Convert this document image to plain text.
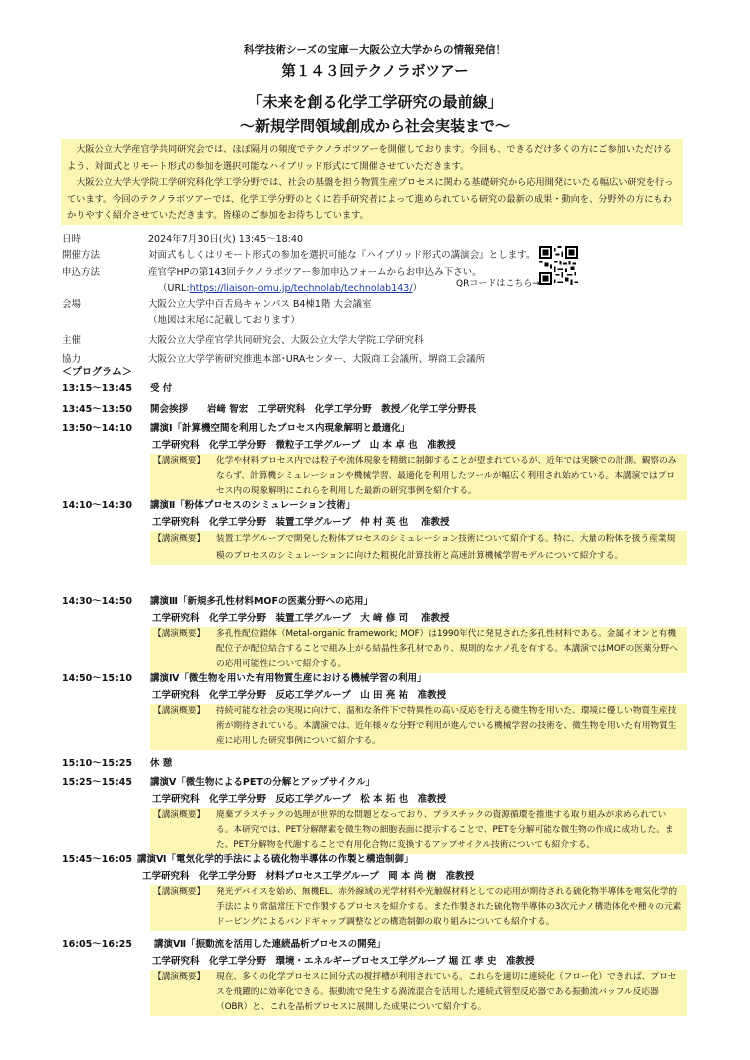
科学技術シーズの宝庫－大阪公立大学からの情報発信！
第１４３回テクノラボツアー
「未来を創る化学工学研究の最前線」
～新規学問領域創成から社会実装まで～

大阪公立大学産官学共同研究会では、ほぼ隔月の頻度でテクノラボツアーを開催しております。今回も、できるだけ多くの方にご参加いただけるよう、対面式とリモート形式の参加を選択可能なハイブリッド形式にて開催させていただきます。

大阪公立大学大学院工学研究科化学工学分野では、社会の基盤を担う物質生産プロセスに関わる基礎研究から応用開発にいたる幅広い研究を行っています。今回のテクノラボツアーでは、化学工学分野のとくに若手研究者によって進められている研究の最新の成果・動向を、分野外の方にもわかりやすく紹介させていただきます。皆様のご参加をお待ちしています。

日時	2024年7月30日(火) 13:45～18:40
開催方法	対面式もしくはリモート形式の参加を選択可能な『ハイブリッド形式の講演会』とします。
申込方法	産官学HPの第143回テクノラボツアー参加申込フォームからお申込み下さい。
（URL:https://liaison-omu.jp/technolab/technolab143/）
会場	大阪公立大学中百舌鳥キャンパス B4棟1階 大会議室
（地図は末尾に記載しております）
主催	大阪公立大学産官学共同研究会、大阪公立大学大学院工学研究科
協力	大阪公立大学学術研究推進本部･URAセンター、大阪商工会議所、堺商工会議所
QRコードはこちら→
＜プログラム＞
13:15～13:45	受 付
13:45～13:50	開会挨拶　　岩﨑 智宏　工学研究科　化学工学分野　教授／化学工学分野長
13:50～14:10	講演Ⅰ「計算機空間を利用したプロセス内現象解明と最適化」
工学研究科　化学工学分野　微粒子工学グループ　山 本 卓 也　准教授
【講演概要】	化学や材料プロセス内では粒子や流体現象を精緻に制御することが望まれているが、近年では実験での計測、観察のみならず、計算機シミュレーションや機械学習、最適化を利用したツールが幅広く利用され始めている。本講演ではプロセス内の現象解明にこれらを利用した最新の研究事例を紹介する。
14:10～14:30	講演Ⅱ「粉体プロセスのシミュレーション技術」
工学研究科　化学工学分野　装置工学グループ　仲 村 英 也　 准教授
【講演概要】	装置工学グループで開発した粉体プロセスのシミュレーション技術について紹介する。特に、大量の粉体を扱う産業規模のプロセスのシミュレーションに向けた粗視化計算技術と高速計算機械学習モデルについて紹介する。
14:30～14:50	講演Ⅲ「新規多孔性材料MOFの医薬分野への応用」
工学研究科　化学工学分野　装置工学グループ　大 﨑 修 司　 准教授
【講演概要】	多孔性配位錯体（Metal-organic framework; MOF）は1990年代に発見された多孔性材料である。金属イオンと有機配位子が配位結合することで組み上がる結晶性多孔材であり、規則的なナノ孔を有する。本講演ではMOFの医薬分野への応用可能性について紹介する。
14:50～15:10	講演Ⅳ「微生物を用いた有用物質生産における機械学習の利用」
工学研究科　化学工学分野　反応工学グループ　山 田 亮 祐　准教授
【講演概要】	持続可能な社会の実現に向けて、温和な条件下で特異性の高い反応を行える微生物を用いた、環境に優しい物質生産技術が期待されている。本講演では、近年様々な分野で利用が進んでいる機械学習の技術を、微生物を用いた有用物質生産に応用した研究事例について紹介する。
15:10～15:25	休 憩
15:25～15:45	講演Ⅴ「微生物によるPETの分解とアップサイクル」
工学研究科　化学工学分野　反応工学グループ　松 本 拓 也　准教授
【講演概要】	廃棄プラスチックの処理が世界的な問題となっており、プラスチックの資源循環を推進する取り組みが求められている。本研究では、PET分解酵素を微生物の細胞表面に提示することで、PETを分解可能な微生物の作成に成功した。また、PET分解物を代謝することで有用化合物に変換するアップサイクル技術についても紹介する。
15:45～16:05 講演Ⅵ「電気化学的手法による硫化物半導体の作製と構造制御」
工学研究科　化学工学分野　材料プロセス工学グループ　岡 本 尚 樹　准教授
【講演概要】	発光デバイスを始め、無機EL、赤外線域の光学材料や光触媒材料としての応用が期待される硫化物半導体を電気化学的手法により常温常圧下で作製するプロセスを紹介する。また作製された硫化物半導体の3次元ナノ構造体化や種々の元素ドーピングによるバンドギャップ調整などの構造制御の取り組みについても紹介する。
16:05～16:25	講演Ⅶ「振動流を活用した連続晶析プロセスの開発」
工学研究科　化学工学分野　環境・エネルギープロセス工学グループ 堀 江 孝 史　准教授
【講演概要】	現在、多くの化学プロセスに回分式の撹拌槽が利用されている。これらを適切に連続化（フロー化）できれば、プロセスを飛躍的に効率化できる。振動流で発生する渦流混合を活用した連続式管型反応器である振動流バッフル反応器（OBR）と、これを晶析プロセスに展開した成果について紹介する。
